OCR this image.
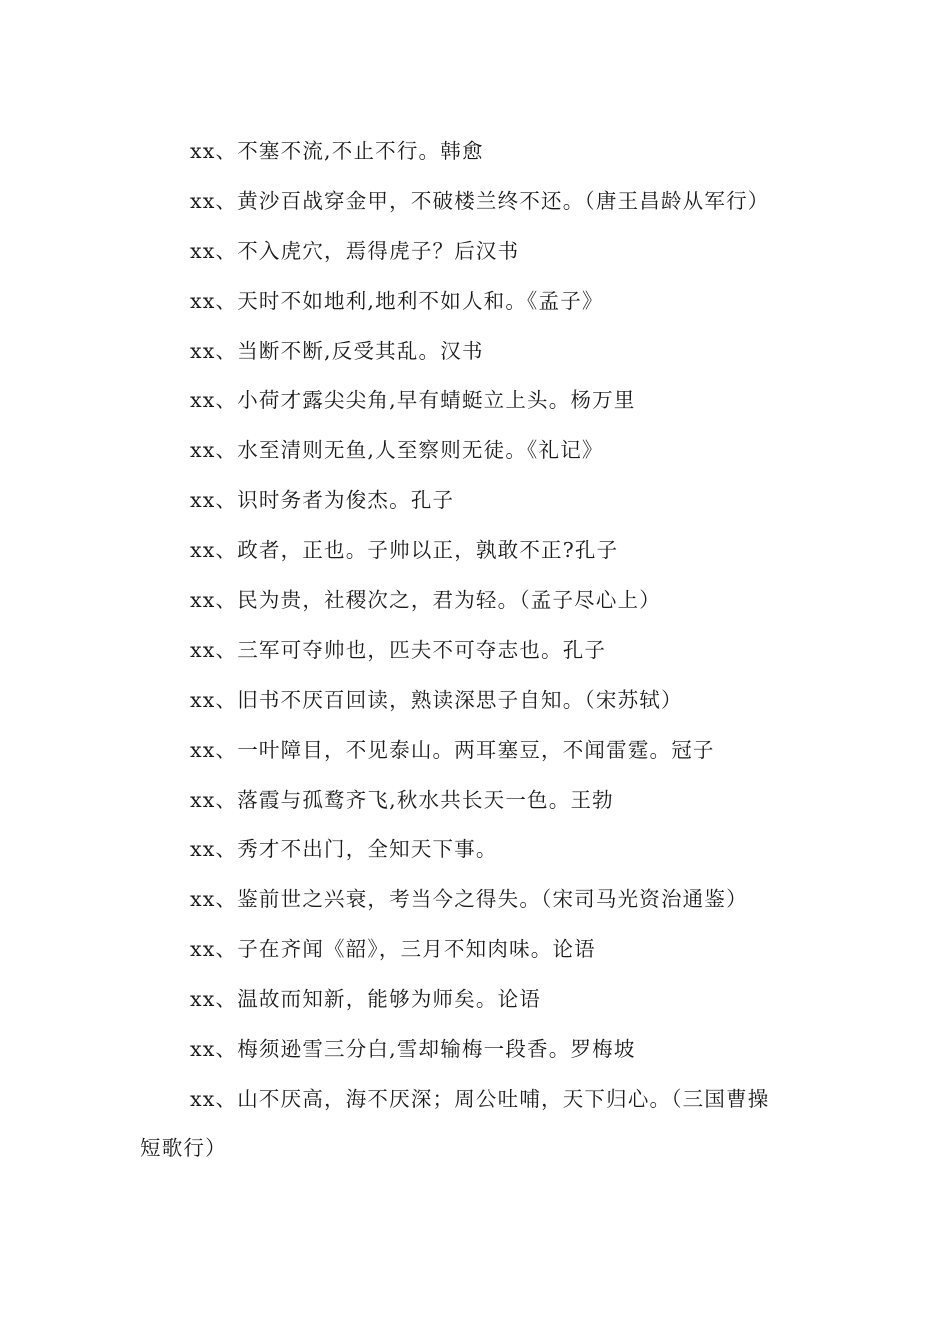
xx、不塞不流,不止不行。韩愈
xx、黄沙百战穿金甲，不破楼兰终不还。（唐王昌龄从军行）
xx、不入虎穴，焉得虎子？后汉书
xx、天时不如地利,地利不如人和。《孟子》
xx、当断不断,反受其乱。汉书
xx、小荷才露尖尖角,早有蜻蜓立上头。杨万里
xx、水至清则无鱼,人至察则无徒。《礼记》
xx、识时务者为俊杰。孔子
xx、政者，正也。子帅以正，孰敢不正?孔子
xx、民为贵，社稷次之，君为轻。（孟子尽心上）
xx、三军可夺帅也，匹夫不可夺志也。孔子
xx、旧书不厌百回读，熟读深思子自知。（宋苏轼）
xx、一叶障目，不见泰山。两耳塞豆，不闻雷霆。冠子
xx、落霞与孤鹜齐飞,秋水共长天一色。王勃
xx、秀才不出门，全知天下事。
xx、鉴前世之兴衰，考当今之得失。（宋司马光资治通鉴）
xx、子在齐闻《韶》，三月不知肉味。论语
xx、温故而知新，能够为师矣。论语
xx、梅须逊雪三分白,雪却输梅一段香。罗梅坡
xx、山不厌高，海不厌深；周公吐哺，天下归心。（三国曹操
短歌行）
